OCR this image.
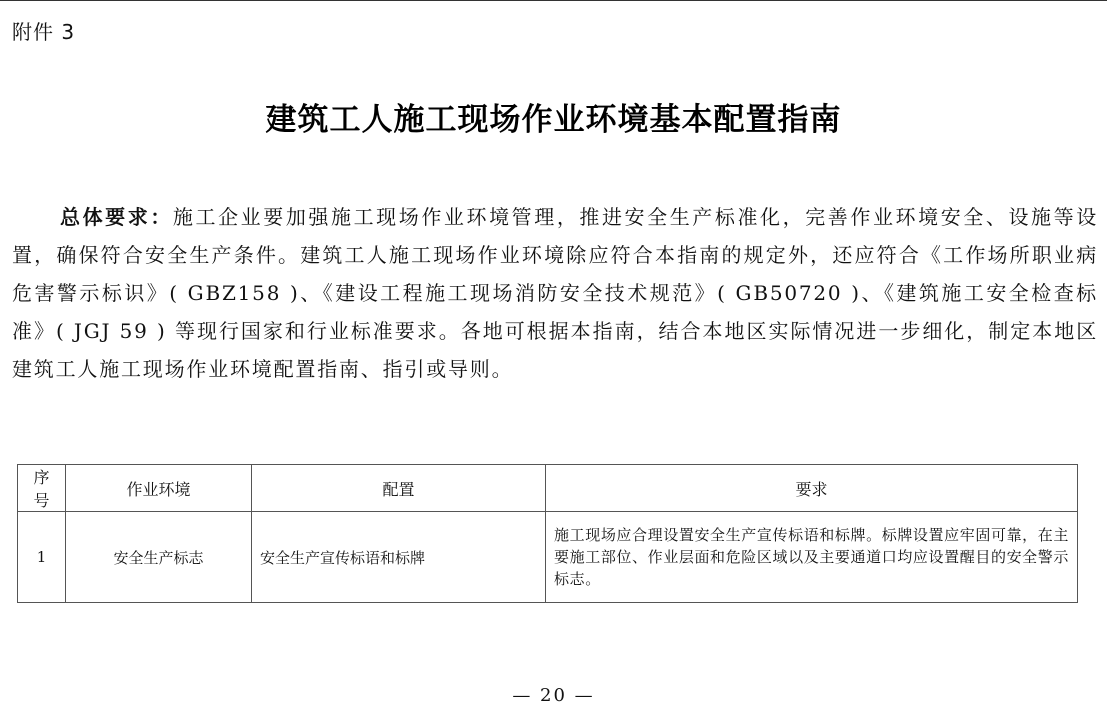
附件 3
建筑工人施工现场作业环境基本配置指南
总体要求：施工企业要加强施工现场作业环境管理，推进安全生产标准化，完善作业环境安全、设施等设置，确保符合安全生产条件。建筑工人施工现场作业环境除应符合本指南的规定外，还应符合《工作场所职业病危害警示标识》( GBZ158 )、《建设工程施工现场消防安全技术规范》( GB50720 )、《建筑施工安全检查标准》( JGJ 59 ) 等现行国家和行业标准要求。各地可根据本指南，结合本地区实际情况进一步细化，制定本地区建筑工人施工现场作业环境配置指南、指引或导则。
序号	作业环境	配置	要求
1	安全生产标志	安全生产宣传标语和标牌	施工现场应合理设置安全生产宣传标语和标牌。标牌设置应牢固可靠，在主要施工部位、作业层面和危险区域以及主要通道口均应设置醒目的安全警示标志。
— 20 —
